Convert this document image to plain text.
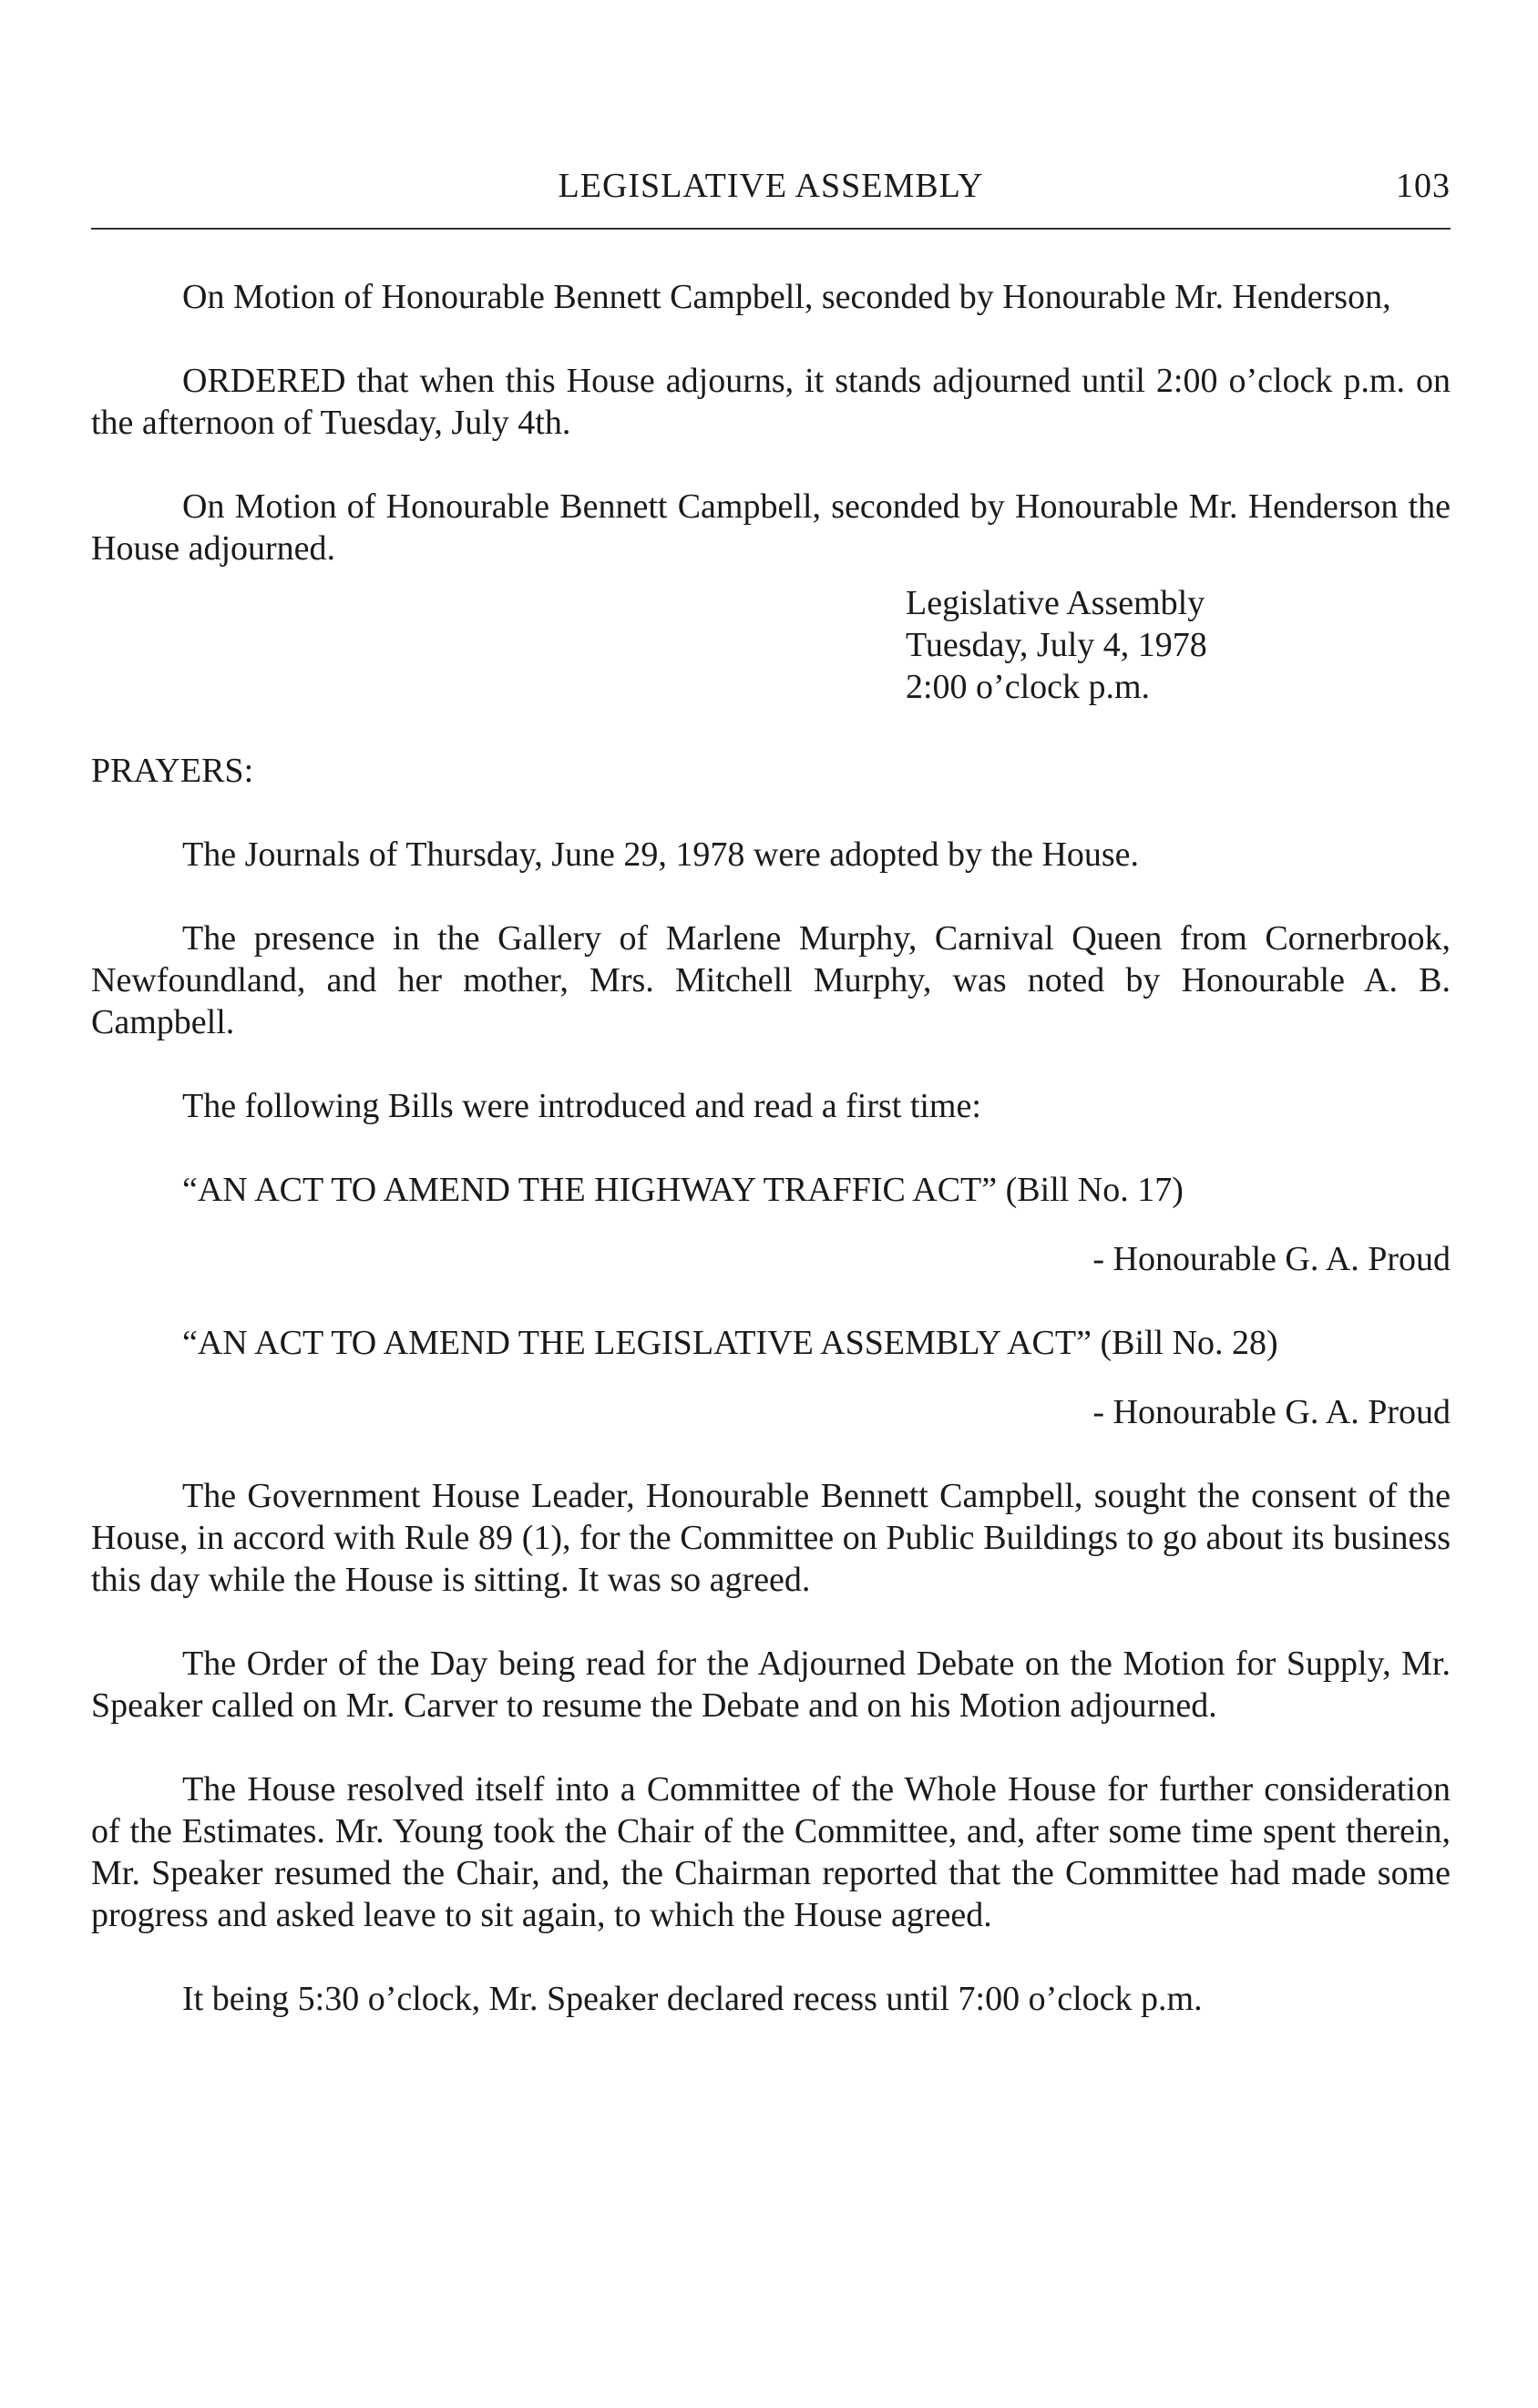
LEGISLATIVE ASSEMBLY	103

On Motion of Honourable Bennett Campbell, seconded by Honourable Mr. Henderson,

ORDERED that when this House adjourns, it stands adjourned until 2:00 o’clock p.m. on the afternoon of Tuesday, July 4th.

On Motion of Honourable Bennett Campbell, seconded by Honourable Mr. Henderson the House adjourned.

Legislative Assembly
Tuesday, July 4, 1978
2:00 o’clock p.m.

PRAYERS:

The Journals of Thursday, June 29, 1978 were adopted by the House.

The presence in the Gallery of Marlene Murphy, Carnival Queen from Cornerbrook, Newfoundland, and her mother, Mrs. Mitchell Murphy, was noted by Honourable A. B. Campbell.

The following Bills were introduced and read a first time:

“AN ACT TO AMEND THE HIGHWAY TRAFFIC ACT” (Bill No. 17)

- Honourable G. A. Proud

“AN ACT TO AMEND THE LEGISLATIVE ASSEMBLY ACT” (Bill No. 28)

- Honourable G. A. Proud

The Government House Leader, Honourable Bennett Campbell, sought the consent of the House, in accord with Rule 89 (1), for the Committee on Public Buildings to go about its business this day while the House is sitting. It was so agreed.

The Order of the Day being read for the Adjourned Debate on the Motion for Supply, Mr. Speaker called on Mr. Carver to resume the Debate and on his Motion adjourned.

The House resolved itself into a Committee of the Whole House for further consideration of the Estimates. Mr. Young took the Chair of the Committee, and, after some time spent therein, Mr. Speaker resumed the Chair, and, the Chairman reported that the Committee had made some progress and asked leave to sit again, to which the House agreed.

It being 5:30 o’clock, Mr. Speaker declared recess until 7:00 o’clock p.m.
